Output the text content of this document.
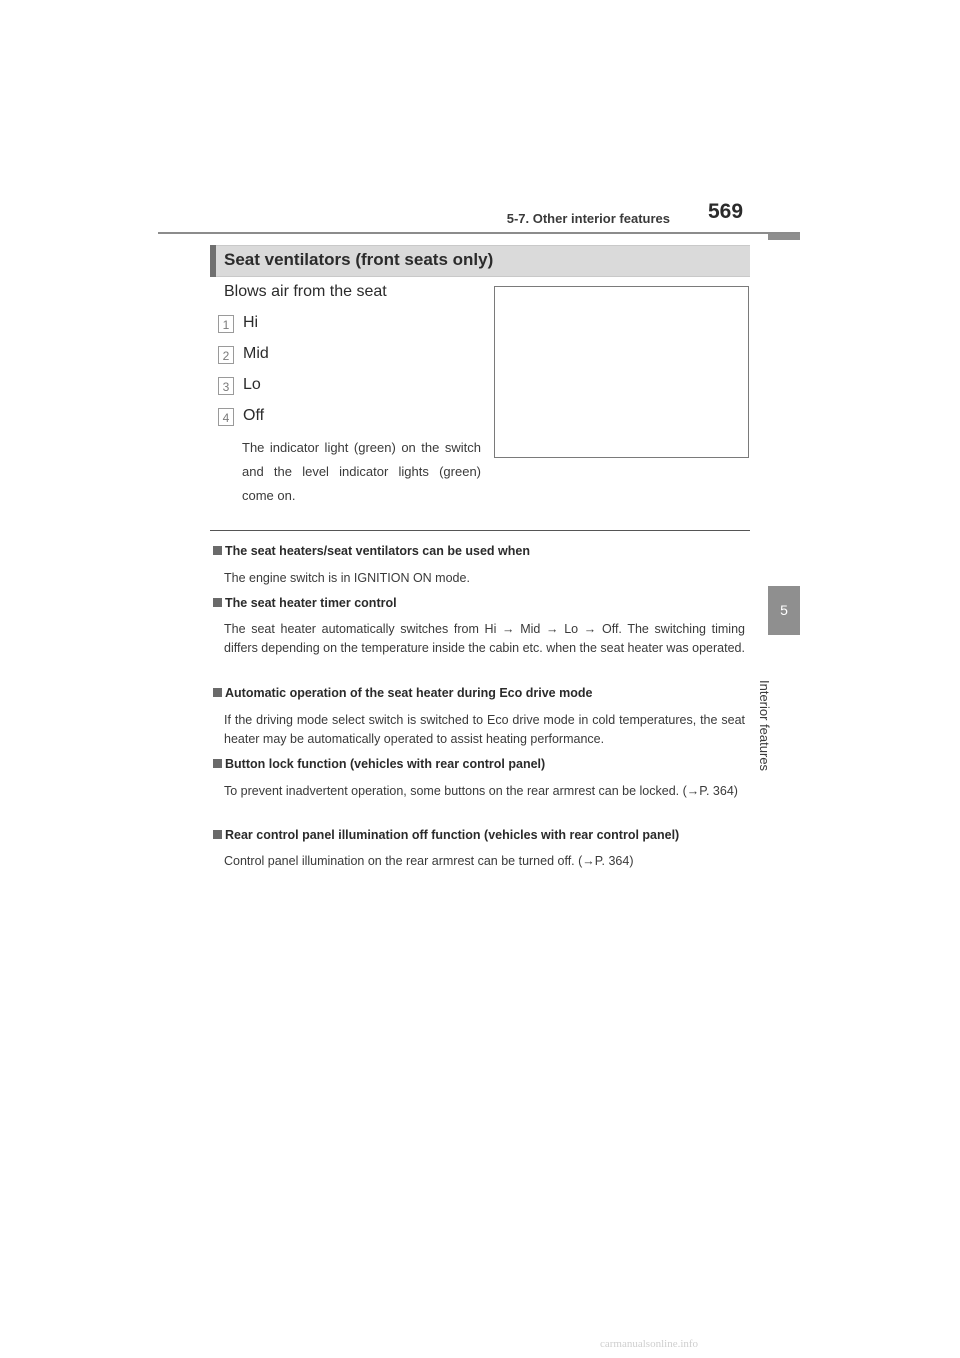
5-7. Other interior features 569
5
Interior features
Seat ventilators (front seats only)
Blows air from the seat
1 Hi
2 Mid
3 Lo
4 Off
The indicator light (green) on the switch and the level indicator lights (green) come on.
The seat heaters/seat ventilators can be used when
The engine switch is in IGNITION ON mode.
The seat heater timer control
The seat heater automatically switches from Hi → Mid → Lo → Off. The switching timing differs depending on the temperature inside the cabin etc. when the seat heater was operated.
Automatic operation of the seat heater during Eco drive mode
If the driving mode select switch is switched to Eco drive mode in cold temperatures, the seat heater may be automatically operated to assist heating performance.
Button lock function (vehicles with rear control panel)
To prevent inadvertent operation, some buttons on the rear armrest can be locked. (→P. 364)
Rear control panel illumination off function (vehicles with rear control panel)
Control panel illumination on the rear armrest can be turned off. (→P. 364)
carmanualsonline.info
